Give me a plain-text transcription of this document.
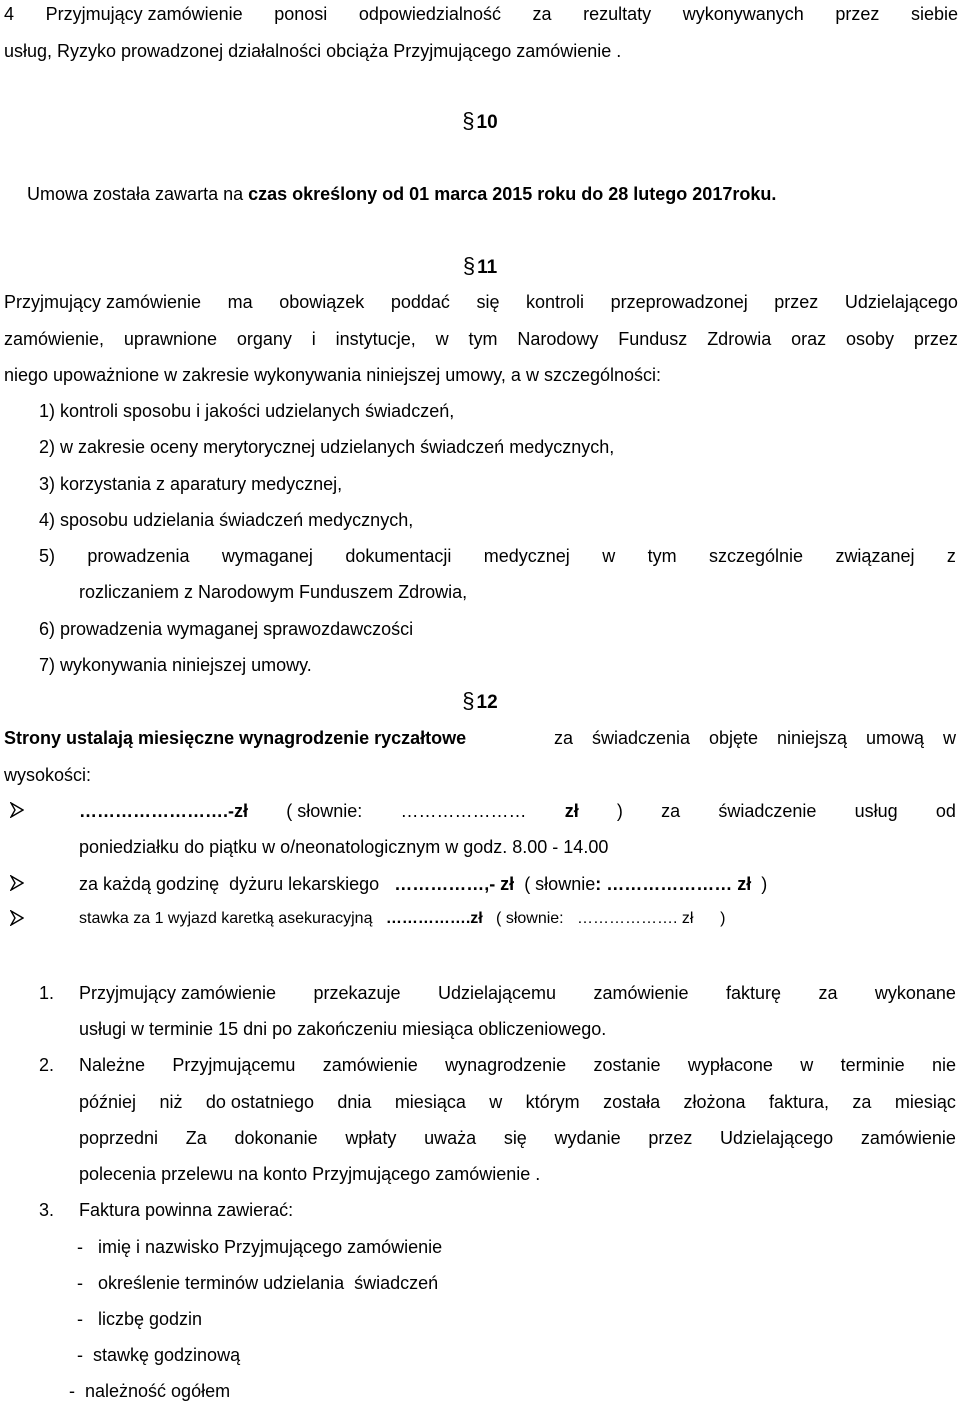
4 Przyjmujący zamówienie ponosi odpowiedzialność za rezultaty wykonywanych przez siebie
usług, Ryzyko prowadzonej działalności obciąża Przyjmującego zamówienie .
§ 10
Umowa została zawarta na czas określony od 01 marca 2015 roku do 28 lutego 2017roku.
§ 11
Przyjmujący zamówienie ma obowiązek poddać się kontroli przeprowadzonej przez Udzielającego
zamówienie, uprawnione organy i instytucje, w tym Narodowy Fundusz Zdrowia oraz osoby przez
niego upoważnione w zakresie wykonywania niniejszej umowy, a w szczególności:
1) kontroli sposobu i jakości udzielanych świadczeń,
2) w zakresie oceny merytorycznej udzielanych świadczeń medycznych,
3) korzystania z aparatury medycznej,
4) sposobu udzielania świadczeń medycznych,
5) prowadzenia wymaganej dokumentacji medycznej w tym szczególnie związanej z
rozliczaniem z Narodowym Funduszem Zdrowia,
6) prowadzenia wymaganej sprawozdawczości
7) wykonywania niniejszej umowy.
§ 12
Strony ustalają miesięczne wynagrodzenie ryczałtowe	za świadczenia objęte niniejszą umową w
wysokości:
…………………….-zł ( słownie: ………………… zł ) za świadczenie usług od
poniedziałku do piątku w o/neonatologicznym w godz. 8.00 - 14.00
za każdą godzinę  dyżuru lekarskiego   ……………,- zł  ( słownie: ………………… zł  )
stawka za 1 wyjazd karetką asekuracyjną   …………….zł   ( słownie:   ………………. zł      )
1. Przyjmujący zamówienie przekazuje Udzielającemu zamówienie fakturę za wykonane
usługi w terminie 15 dni po zakończeniu miesiąca obliczeniowego.
2. Należne Przyjmującemu zamówienie wynagrodzenie zostanie wypłacone w terminie nie
później niż do ostatniego dnia miesiąca w którym została złożona faktura, za miesiąc
poprzedni Za dokonanie wpłaty uważa się wydanie przez Udzielającego zamówienie
polecenia przelewu na konto Przyjmującego zamówienie .
3. Faktura powinna zawierać:
-   imię i nazwisko Przyjmującego zamówienie
-   określenie terminów udzielania  świadczeń
-   liczbę godzin
-  stawkę godzinową
-  należność ogółem
